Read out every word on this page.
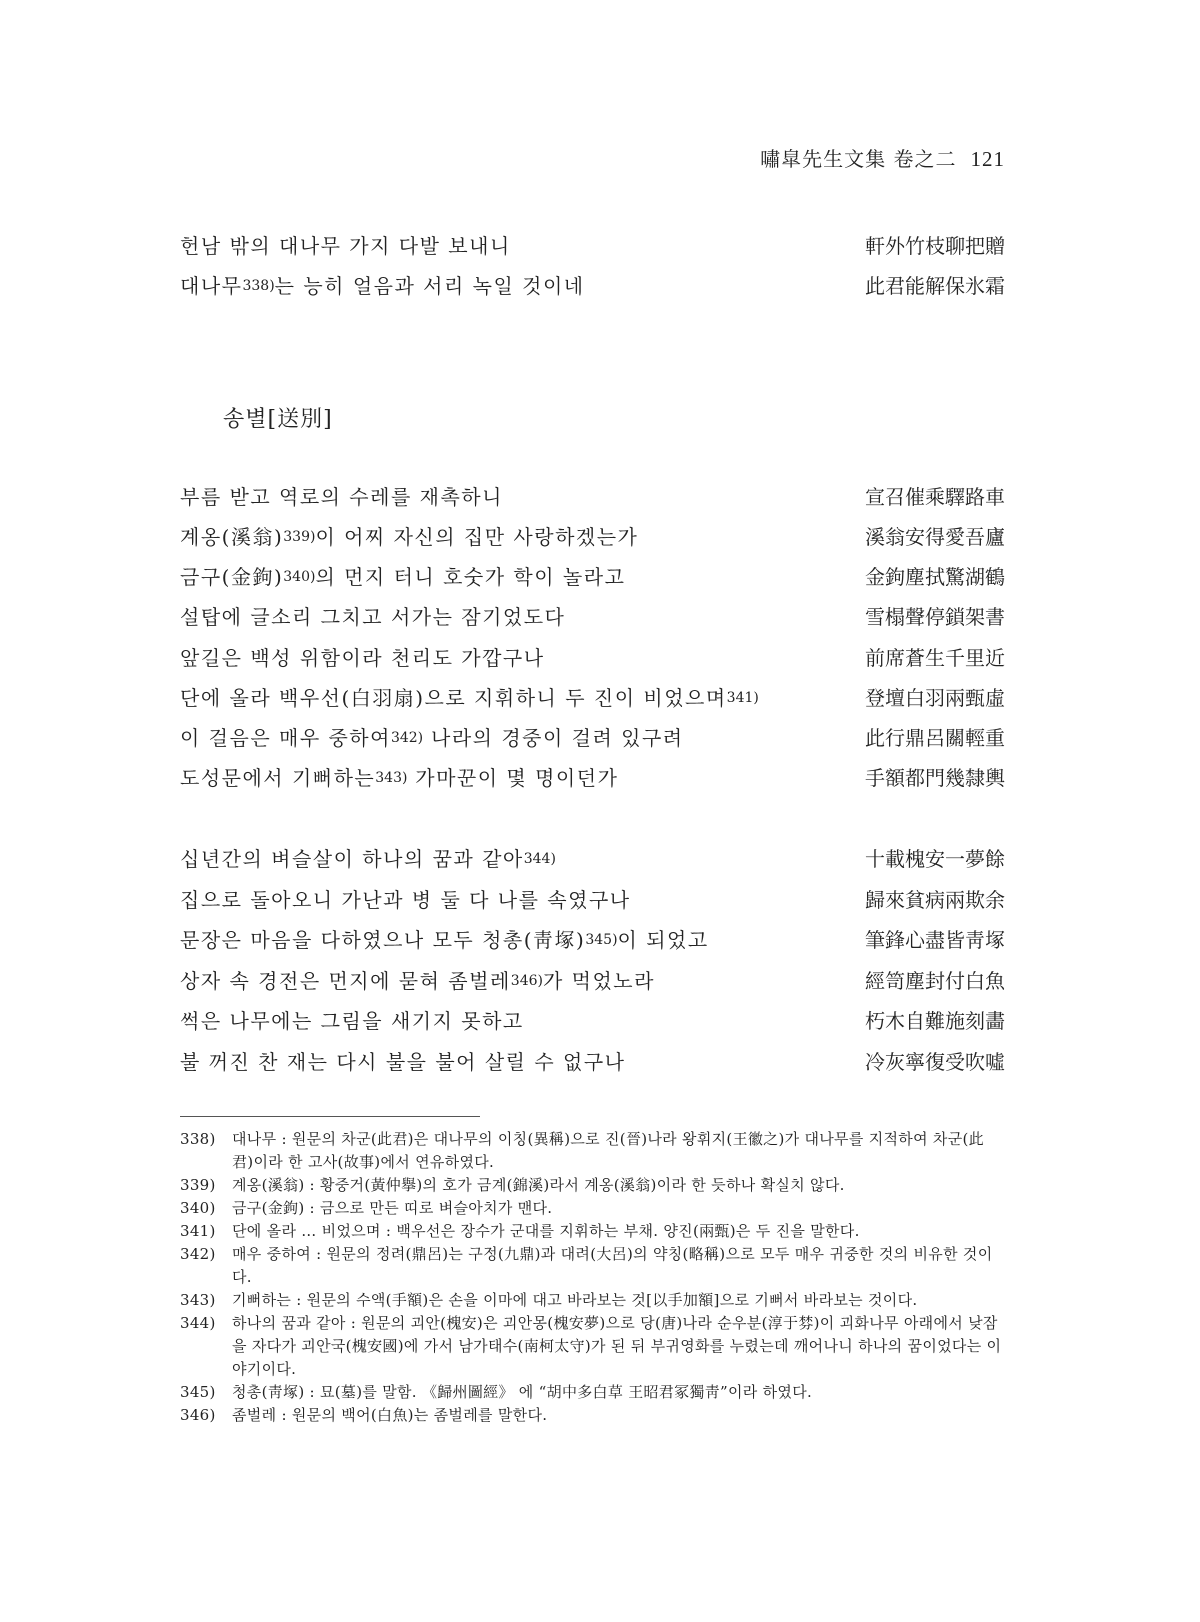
嘯皐先生文集 卷之二 121
헌남 밖의 대나무 가지 다발 보내니	軒外竹枝聊把贈
대나무$^{338)}$는 능히 얼음과 서리 녹일 것이네	此君能解保氷霜
송별[送別]
부름 받고 역로의 수레를 재촉하니	宣召催乘驛路車
계옹(溪翁)$^{339)}$이 어찌 자신의 집만 사랑하겠는가	溪翁安得愛吾廬
금구(金鉤)$^{340)}$의 먼지 터니 호숫가 학이 놀라고	金鉤塵拭驚湖鶴
설탑에 글소리 그치고 서가는 잠기었도다	雪榻聲停鎖架書
앞길은 백성 위함이라 천리도 가깝구나	前席蒼生千里近
단에 올라 백우선(白羽扇)으로 지휘하니 두 진이 비었으며$^{341)}$	登壇白羽兩甄虛
이 걸음은 매우 중하여$^{342)}$ 나라의 경중이 걸려 있구려	此行鼎呂關輕重
도성문에서 기뻐하는$^{343)}$ 가마꾼이 몇 명이던가	手額都門幾隸輿
십년간의 벼슬살이 하나의 꿈과 같아$^{344)}$	十載槐安一夢餘
집으로 돌아오니 가난과 병 둘 다 나를 속였구나	歸來貧病兩欺余
문장은 마음을 다하였으나 모두 청총(靑塚)$^{345)}$이 되었고	筆鋒心盡皆靑塚
상자 속 경전은 먼지에 묻혀 좀벌레$^{346)}$가 먹었노라	經笥塵封付白魚
썩은 나무에는 그림을 새기지 못하고	朽木自難施刻畵
불 꺼진 찬 재는 다시 불을 불어 살릴 수 없구나	冷灰寧復受吹噓
338)	대나무 : 원문의 차군(此君)은 대나무의 이칭(異稱)으로 진(晉)나라 왕휘지(王徽之)가 대나무를 지적하여 차군(此君)이라 한 고사(故事)에서 연유하였다.
339)	계옹(溪翁) : 황중거(黃仲擧)의 호가 금계(錦溪)라서 계옹(溪翁)이라 한 듯하나 확실치 않다.
340)	금구(金鉤) : 금으로 만든 띠로 벼슬아치가 맨다.
341)	단에 올라 … 비었으며 : 백우선은 장수가 군대를 지휘하는 부채. 양진(兩甄)은 두 진을 말한다.
342)	매우 중하여 : 원문의 정려(鼎呂)는 구정(九鼎)과 대려(大呂)의 약칭(略稱)으로 모두 매우 귀중한 것의 비유한 것이다.
343)	기뻐하는 : 원문의 수액(手額)은 손을 이마에 대고 바라보는 것[以手加額]으로 기뻐서 바라보는 것이다.
344)	하나의 꿈과 같아 : 원문의 괴안(槐安)은 괴안몽(槐安夢)으로 당(唐)나라 순우분(淳于棼)이 괴화나무 아래에서 낮잠을 자다가 괴안국(槐安國)에 가서 남가태수(南柯太守)가 된 뒤 부귀영화를 누렸는데 깨어나니 하나의 꿈이었다는 이야기이다.
345)	청총(靑塚) : 묘(墓)를 말함. 《歸州圖經》 에 “胡中多白草 王昭君冢獨靑”이라 하였다.
346)	좀벌레 : 원문의 백어(白魚)는 좀벌레를 말한다.
